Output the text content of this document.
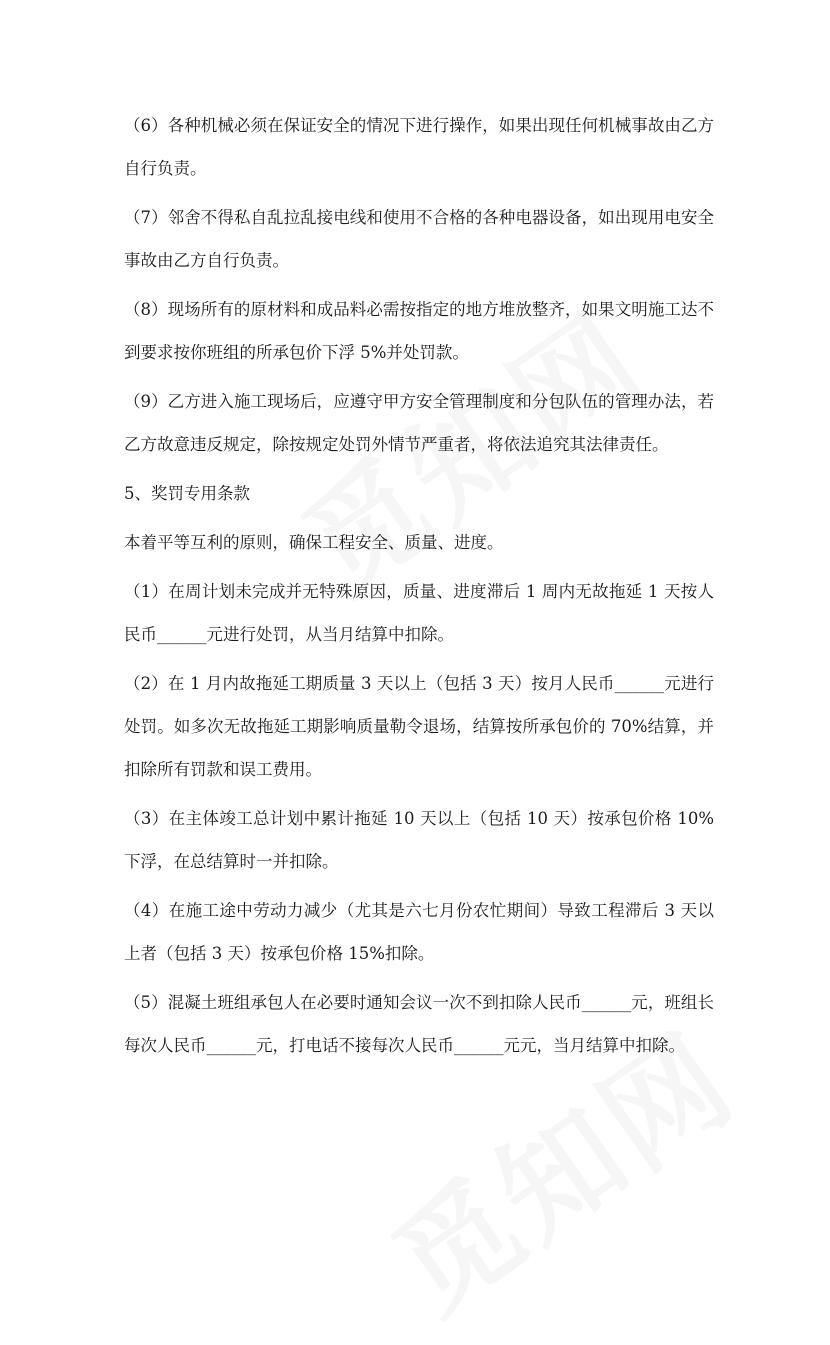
（6）各种机械必须在保证安全的情况下进行操作，如果出现任何机械事故由乙方自行负责。

（7）邻舍不得私自乱拉乱接电线和使用不合格的各种电器设备，如出现用电安全事故由乙方自行负责。

（8）现场所有的原材料和成品料必需按指定的地方堆放整齐，如果文明施工达不到要求按你班组的所承包价下浮 5%并处罚款。

（9）乙方进入施工现场后，应遵守甲方安全管理制度和分包队伍的管理办法，若乙方故意违反规定，除按规定处罚外情节严重者，将依法追究其法律责任。

5、奖罚专用条款

本着平等互利的原则，确保工程安全、质量、进度。

（1）在周计划未完成并无特殊原因，质量、进度滞后 1 周内无故拖延 1 天按人民币______元进行处罚，从当月结算中扣除。

（2）在 1 月内故拖延工期质量 3 天以上（包括 3 天）按月人民币______元进行处罚。如多次无故拖延工期影响质量勒令退场，结算按所承包价的 70%结算，并扣除所有罚款和误工费用。

（3）在主体竣工总计划中累计拖延 10 天以上（包括 10 天）按承包价格 10%下浮，在总结算时一并扣除。

（4）在施工途中劳动力减少（尤其是六七月份农忙期间）导致工程滞后 3 天以上者（包括 3 天）按承包价格 15%扣除。

（5）混凝土班组承包人在必要时通知会议一次不到扣除人民币______元，班组长每次人民币______元，打电话不接每次人民币______元元，当月结算中扣除。
